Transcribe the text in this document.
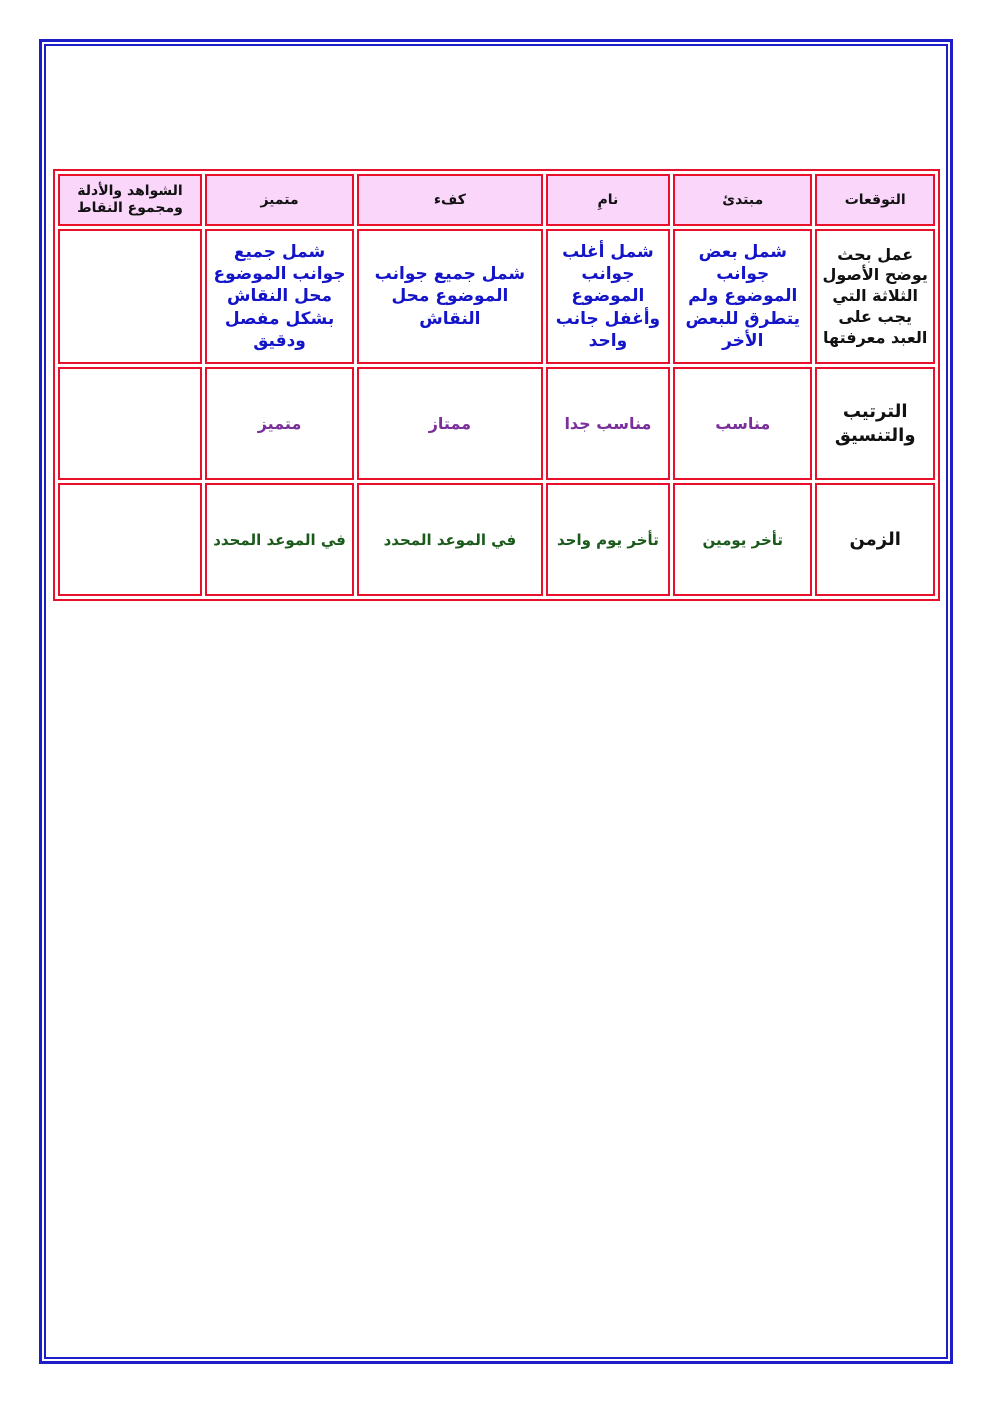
التوقعات	مبتدئ	نامِ	كفء	متميز	الشواهد والأدلة ومجموع النقاط
عمل بحث يوضح الأصول الثلاثة التي يجب على العبد معرفتها	شمل بعض جوانب الموضوع ولم يتطرق للبعض الأخر	شمل أغلب جوانب الموضوع وأغفل جانب واحد	شمل جميع جوانب الموضوع محل النقاش	شمل جميع جوانب الموضوع محل النقاش بشكل مفصل ودقيق	
الترتيب والتنسيق	مناسب	مناسب جدا	ممتاز	متميز	
الزمن	تأخر يومين	تأخر يوم واحد	في الموعد المحدد	في الموعد المحدد	
